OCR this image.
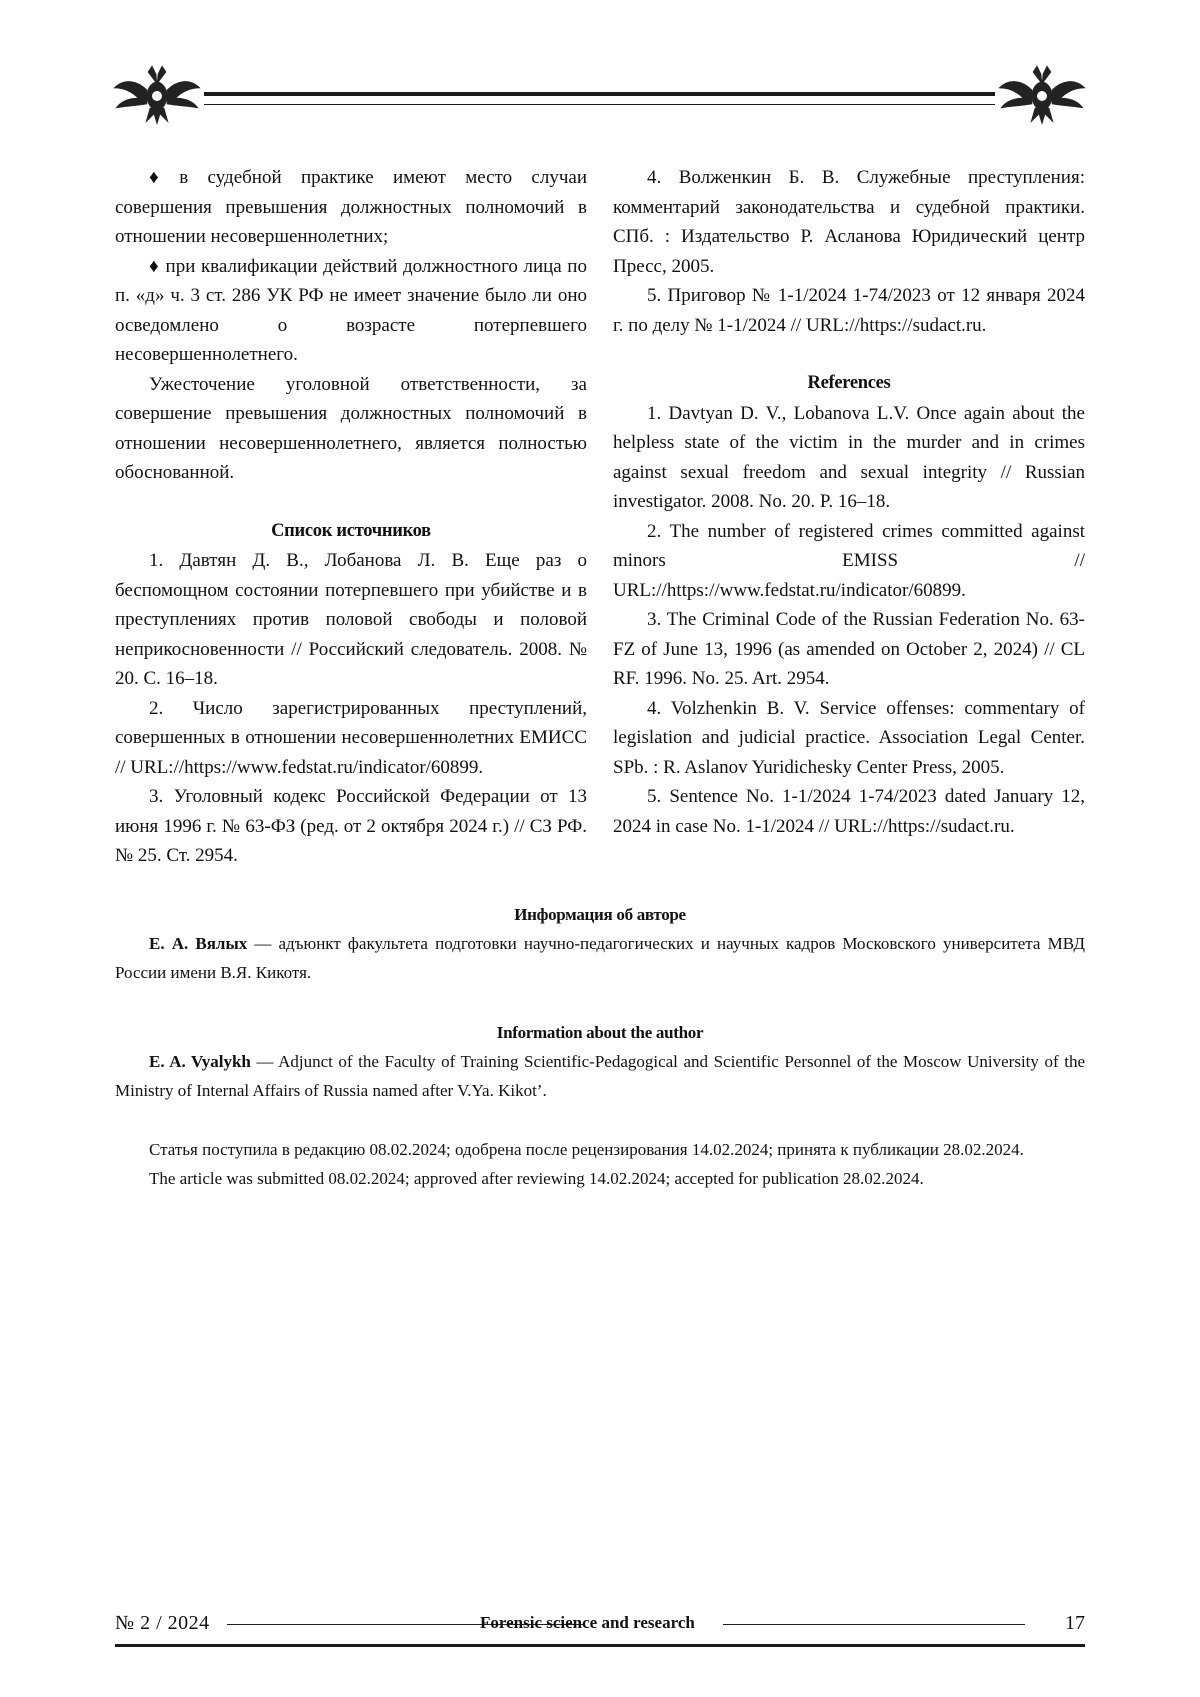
♦ в судебной практике имеют место случаи совершения превышения должностных полномочий в отношении несовершеннолетних;

♦ при квалификации действий должностного лица по п. «д» ч. 3 ст. 286 УК РФ не имеет значение было ли оно осведомлено о возрасте потерпевшего несовершеннолетнего.

Ужесточение уголовной ответственности, за совершение превышения должностных полномочий в отношении несовершеннолетнего, является полностью обоснованной.

Список источников

1. Давтян Д. В., Лобанова Л. В. Еще раз о беспомощном состоянии потерпевшего при убийстве и в преступлениях против половой свободы и половой неприкосновенности // Российский следователь. 2008. № 20. С. 16–18.

2. Число зарегистрированных преступлений, совершенных в отношении несовершеннолетних ЕМИСС // URL://https://www.fedstat.ru/indicator/60899.

3. Уголовный кодекс Российской Федерации от 13 июня 1996 г. № 63-ФЗ (ред. от 2 октября 2024 г.) // СЗ РФ. № 25. Ст. 2954.

4. Волженкин Б. В. Служебные преступления: комментарий законодательства и судебной практики. СПб. : Издательство Р. Асланова Юридический центр Пресс, 2005.

5. Приговор № 1-1/2024 1-74/2023 от 12 января 2024 г. по делу № 1-1/2024 // URL://https://sudact.ru.

References

1. Davtyan D. V., Lobanova L.V. Once again about the helpless state of the victim in the murder and in crimes against sexual freedom and sexual integrity // Russian investigator. 2008. No. 20. P. 16–18.

2. The number of registered crimes committed against minors EMISS // URL://https://www.fedstat.ru/indicator/60899.

3. The Criminal Code of the Russian Federation No. 63-FZ of June 13, 1996 (as amended on October 2, 2024) // CL RF. 1996. No. 25. Art. 2954.

4. Volzhenkin B. V. Service offenses: commentary of legislation and judicial practice. Association Legal Center. SPb. : R. Aslanov Yuridichesky Center Press, 2005.

5. Sentence No. 1-1/2024 1-74/2023 dated January 12, 2024 in case No. 1-1/2024 // URL://https://sudact.ru.

Информация об авторе

Е. А. Вялых — адъюнкт факультета подготовки научно-педагогических и научных кадров Московского университета МВД России имени В.Я. Кикотя.

Information about the author

E. A. Vyalykh — Adjunct of the Faculty of Training Scientific-Pedagogical and Scientific Personnel of the Moscow University of the Ministry of Internal Affairs of Russia named after V.Ya. Kikot’.

Статья поступила в редакцию 08.02.2024; одобрена после рецензирования 14.02.2024; принята к публикации 28.02.2024.

The article was submitted 08.02.2024; approved after reviewing 14.02.2024; accepted for publication 28.02.2024.

№ 2 / 2024	Forensic science and research	17
